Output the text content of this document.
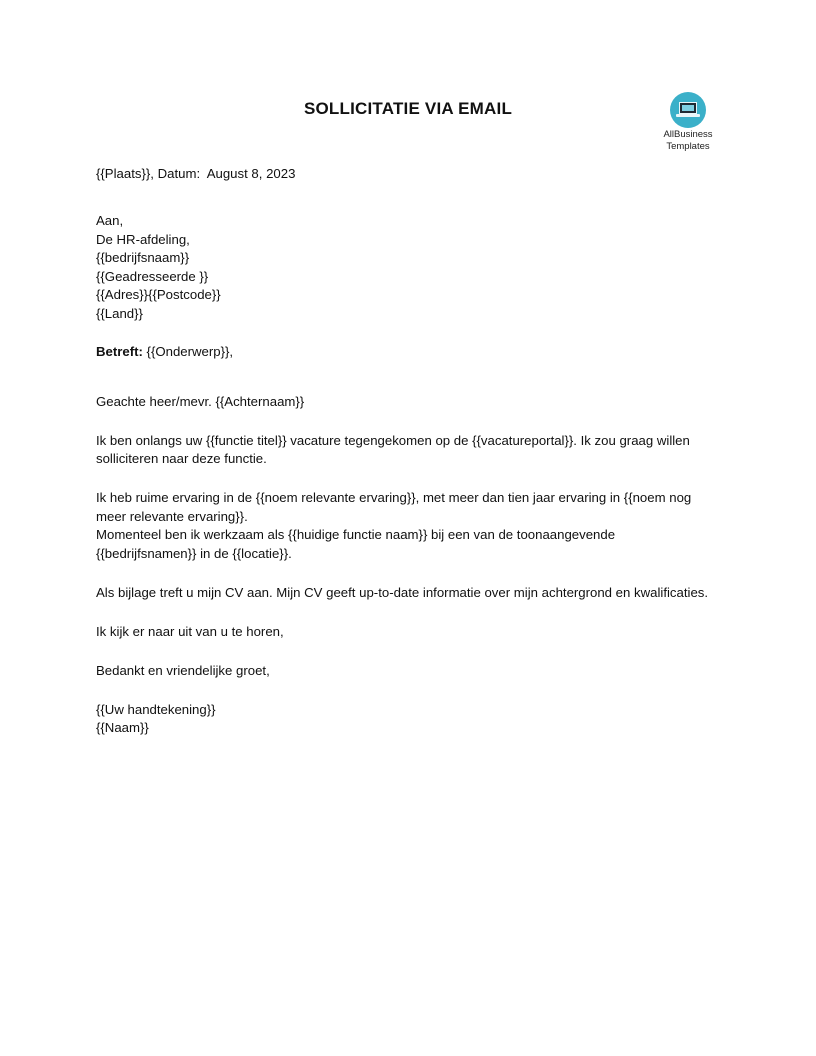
SOLLICITATIE VIA EMAIL
AllBusiness
Templates
{{Plaats}}, Datum:  August 8, 2023
Aan,
De HR-afdeling,
{{bedrijfsnaam}}
{{Geadresseerde }}
{{Adres}}{{Postcode}}
{{Land}}
Betreft: {{Onderwerp}},
Geachte heer/mevr. {{Achternaam}}
Ik ben onlangs uw {{functie titel}} vacature tegengekomen op de {{vacatureportal}}. Ik zou graag willen
solliciteren naar deze functie.
Ik heb ruime ervaring in de {{noem relevante ervaring}}, met meer dan tien jaar ervaring in {{noem nog
meer relevante ervaring}}.
Momenteel ben ik werkzaam als {{huidige functie naam}} bij een van de toonaangevende
{{bedrijfsnamen}} in de {{locatie}}.
Als bijlage treft u mijn CV aan. Mijn CV geeft up-to-date informatie over mijn achtergrond en kwalificaties.
Ik kijk er naar uit van u te horen,
Bedankt en vriendelijke groet,
{{Uw handtekening}}
{{Naam}}
